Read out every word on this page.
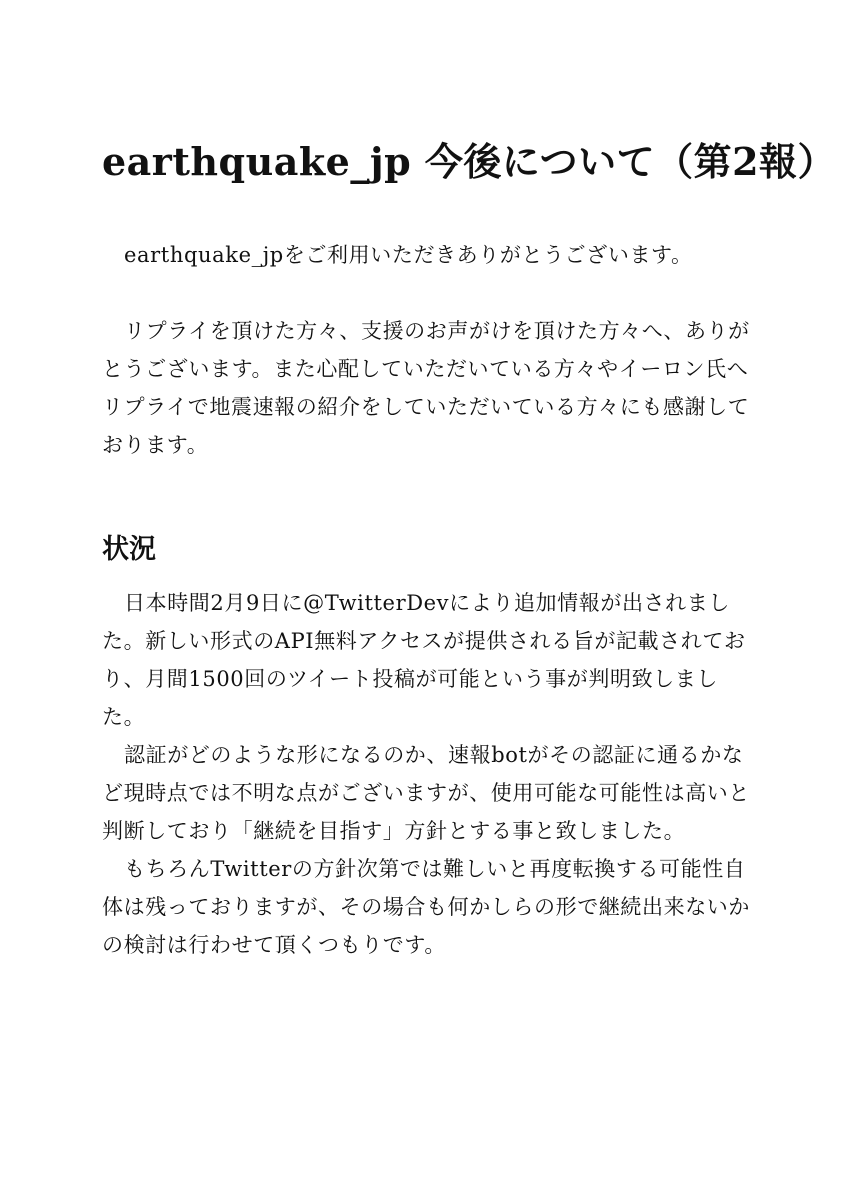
earthquake_jp 今後について（第2報）

earthquake_jpをご利用いただきありがとうございます。

リプライを頂けた方々、支援のお声がけを頂けた方々へ、ありが
とうございます。また心配していただいている方々やイーロン氏へ
リプライで地震速報の紹介をしていただいている方々にも感謝して
おります。

状況

日本時間2月9日に@TwitterDevにより追加情報が出されまし
た。新しい形式のAPI無料アクセスが提供される旨が記載されてお
り、月間1500回のツイート投稿が可能という事が判明致しまし
た。

認証がどのような形になるのか、速報botがその認証に通るかな
ど現時点では不明な点がございますが、使用可能な可能性は高いと
判断しており「継続を目指す」方針とする事と致しました。

もちろんTwitterの方針次第では難しいと再度転換する可能性自
体は残っておりますが、その場合も何かしらの形で継続出来ないか
の検討は行わせて頂くつもりです。
